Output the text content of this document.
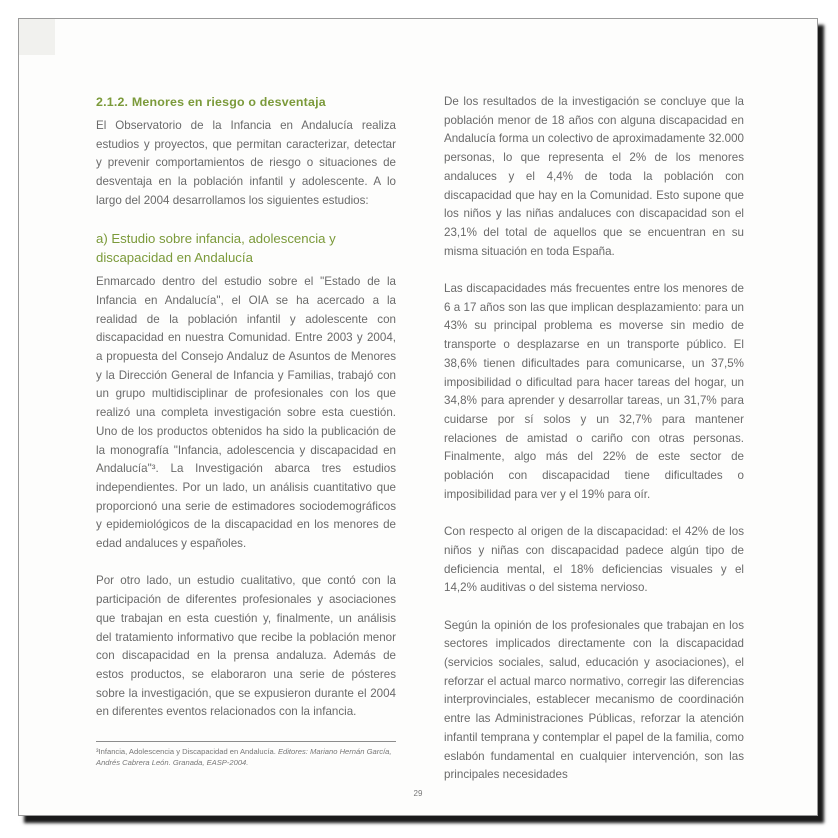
2.1.2. Menores en riesgo o desventaja

El Observatorio de la Infancia en Andalucía realiza estudios y proyectos, que permitan caracterizar, detectar y prevenir comportamientos de riesgo o situaciones de desventaja en la población infantil y adolescente. A lo largo del 2004 desarrollamos los siguientes estudios:

a) Estudio sobre infancia, adolescencia y discapacidad en Andalucía

Enmarcado dentro del estudio sobre el "Estado de la Infancia en Andalucía", el OIA se ha acercado a la realidad de la población infantil y adolescente con discapacidad en nuestra Comunidad. Entre 2003 y 2004, a propuesta del Consejo Andaluz de Asuntos de Menores y la Dirección General de Infancia y Familias, trabajó con un grupo multidisciplinar de profesionales con los que realizó una completa investigación sobre esta cuestión. Uno de los productos obtenidos ha sido la publicación de la monografía "Infancia, adolescencia y discapacidad en Andalucía"³. La Investigación abarca tres estudios independientes. Por un lado, un análisis cuantitativo que proporcionó una serie de estimadores sociodemográficos y epidemiológicos de la discapacidad en los menores de edad andaluces y españoles.

Por otro lado, un estudio cualitativo, que contó con la participación de diferentes profesionales y asociaciones que trabajan en esta cuestión y, finalmente, un análisis del tratamiento informativo que recibe la población menor con discapacidad en la prensa andaluza. Además de estos productos, se elaboraron una serie de pósteres sobre la investigación, que se expusieron durante el 2004 en diferentes eventos relacionados con la infancia.

De los resultados de la investigación se concluye que la población menor de 18 años con alguna discapacidad en Andalucía forma un colectivo de aproximadamente 32.000 personas, lo que representa el 2% de los menores andaluces y el 4,4% de toda la población con discapacidad que hay en la Comunidad. Esto supone que los niños y las niñas andaluces con discapacidad son el 23,1% del total de aquellos que se encuentran en su misma situación en toda España.

Las discapacidades más frecuentes entre los menores de 6 a 17 años son las que implican desplazamiento: para un 43% su principal problema es moverse sin medio de transporte o desplazarse en un transporte público. El 38,6% tienen dificultades para comunicarse, un 37,5% imposibilidad o dificultad para hacer tareas del hogar, un 34,8% para aprender y desarrollar tareas, un 31,7% para cuidarse por sí solos y un 32,7% para mantener relaciones de amistad o cariño con otras personas. Finalmente, algo más del 22% de este sector de población con discapacidad tiene dificultades o imposibilidad para ver y el 19% para oír.

Con respecto al origen de la discapacidad: el 42% de los niños y niñas con discapacidad padece algún tipo de deficiencia mental, el 18% deficiencias visuales y el 14,2% auditivas o del sistema nervioso.

Según la opinión de los profesionales que trabajan en los sectores implicados directamente con la discapacidad (servicios sociales, salud, educación y asociaciones), el reforzar el actual marco normativo, corregir las diferencias interprovinciales, establecer mecanismo de coordinación entre las Administraciones Públicas, reforzar la atención infantil temprana y contemplar el papel de la familia, como eslabón fundamental en cualquier intervención, son las principales necesidades

³Infancia, Adolescencia y Discapacidad en Andalucía. Editores: Mariano Hernán García, Andrés Cabrera León. Granada, EASP-2004.
29
